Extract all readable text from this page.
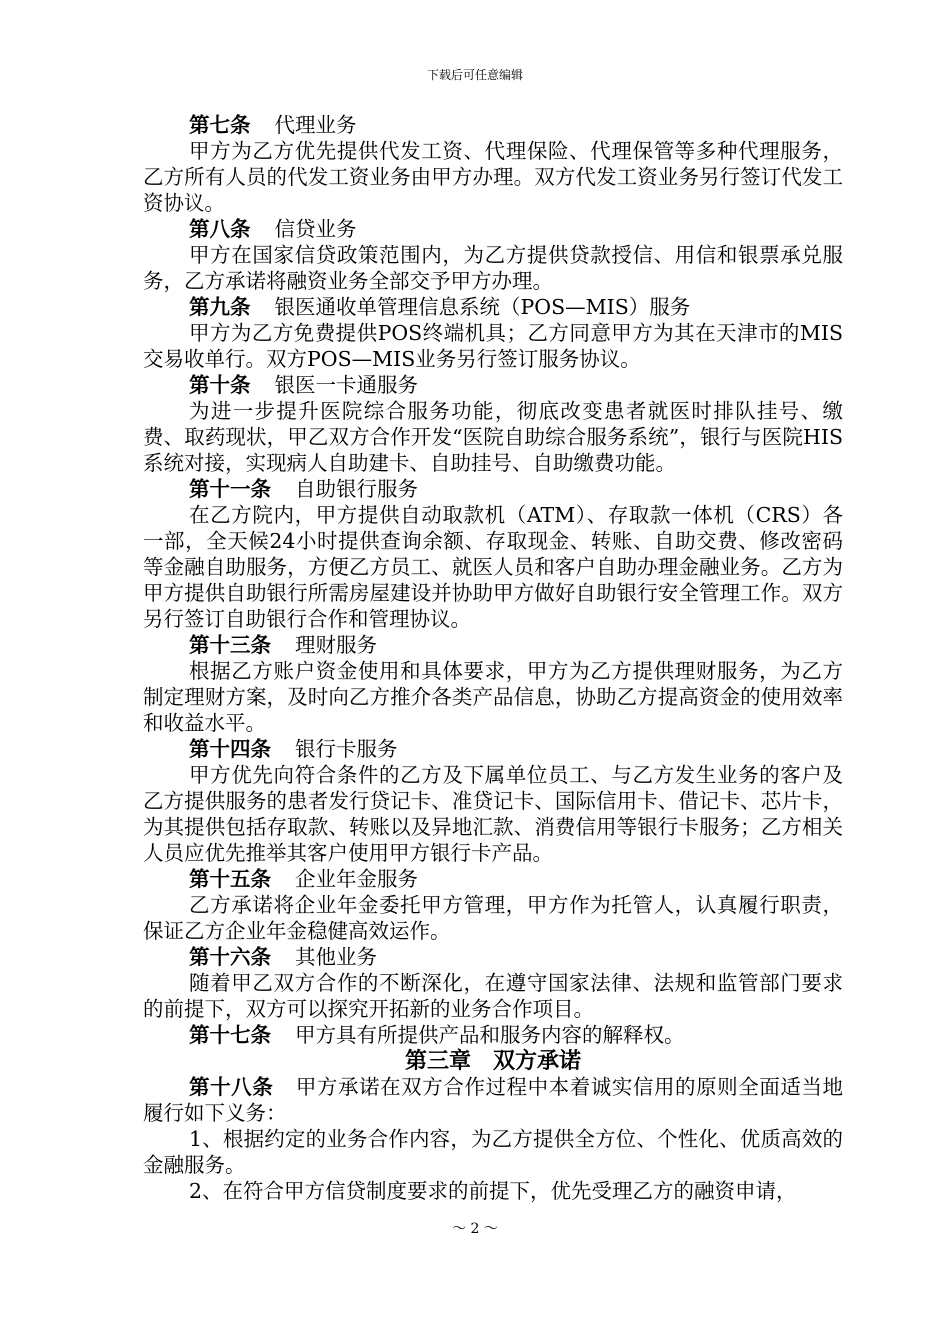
下载后可任意编辑

第七条 代理业务

甲方为乙方优先提供代发工资、代理保险、代理保管等多种代理服务，乙方所有人员的代发工资业务由甲方办理。双方代发工资业务另行签订代发工资协议。

第八条 信贷业务

甲方在国家信贷政策范围内，为乙方提供贷款授信、用信和银票承兑服务，乙方承诺将融资业务全部交予甲方办理。

第九条 银医通收单管理信息系统（POS—MIS）服务

甲方为乙方免费提供POS终端机具；乙方同意甲方为其在天津市的MIS交易收单行。双方POS—MIS业务另行签订服务协议。

第十条 银医一卡通服务

为进一步提升医院综合服务功能，彻底改变患者就医时排队挂号、缴费、取药现状，甲乙双方合作开发“医院自助综合服务系统”，银行与医院HIS系统对接，实现病人自助建卡、自助挂号、自助缴费功能。

第十一条 自助银行服务

在乙方院内，甲方提供自动取款机（ATM）、存取款一体机（CRS）各一部，全天候24小时提供查询余额、存取现金、转账、自助交费、修改密码等金融自助服务，方便乙方员工、就医人员和客户自助办理金融业务。乙方为甲方提供自助银行所需房屋建设并协助甲方做好自助银行安全管理工作。双方另行签订自助银行合作和管理协议。

第十三条 理财服务

根据乙方账户资金使用和具体要求，甲方为乙方提供理财服务，为乙方制定理财方案，及时向乙方推介各类产品信息，协助乙方提高资金的使用效率和收益水平。

第十四条 银行卡服务

甲方优先向符合条件的乙方及下属单位员工、与乙方发生业务的客户及乙方提供服务的患者发行贷记卡、准贷记卡、国际信用卡、借记卡、芯片卡，为其提供包括存取款、转账以及异地汇款、消费信用等银行卡服务；乙方相关人员应优先推举其客户使用甲方银行卡产品。

第十五条 企业年金服务

乙方承诺将企业年金委托甲方管理，甲方作为托管人，认真履行职责，保证乙方企业年金稳健高效运作。

第十六条 其他业务

随着甲乙双方合作的不断深化，在遵守国家法律、法规和监管部门要求的前提下，双方可以探究开拓新的业务合作项目。

第十七条 甲方具有所提供产品和服务内容的解释权。

第三章 双方承诺

第十八条 甲方承诺在双方合作过程中本着诚实信用的原则全面适当地履行如下义务：

1、根据约定的业务合作内容，为乙方提供全方位、个性化、优质高效的金融服务。

2、在符合甲方信贷制度要求的前提下，优先受理乙方的融资申请，

～ 2 ～
